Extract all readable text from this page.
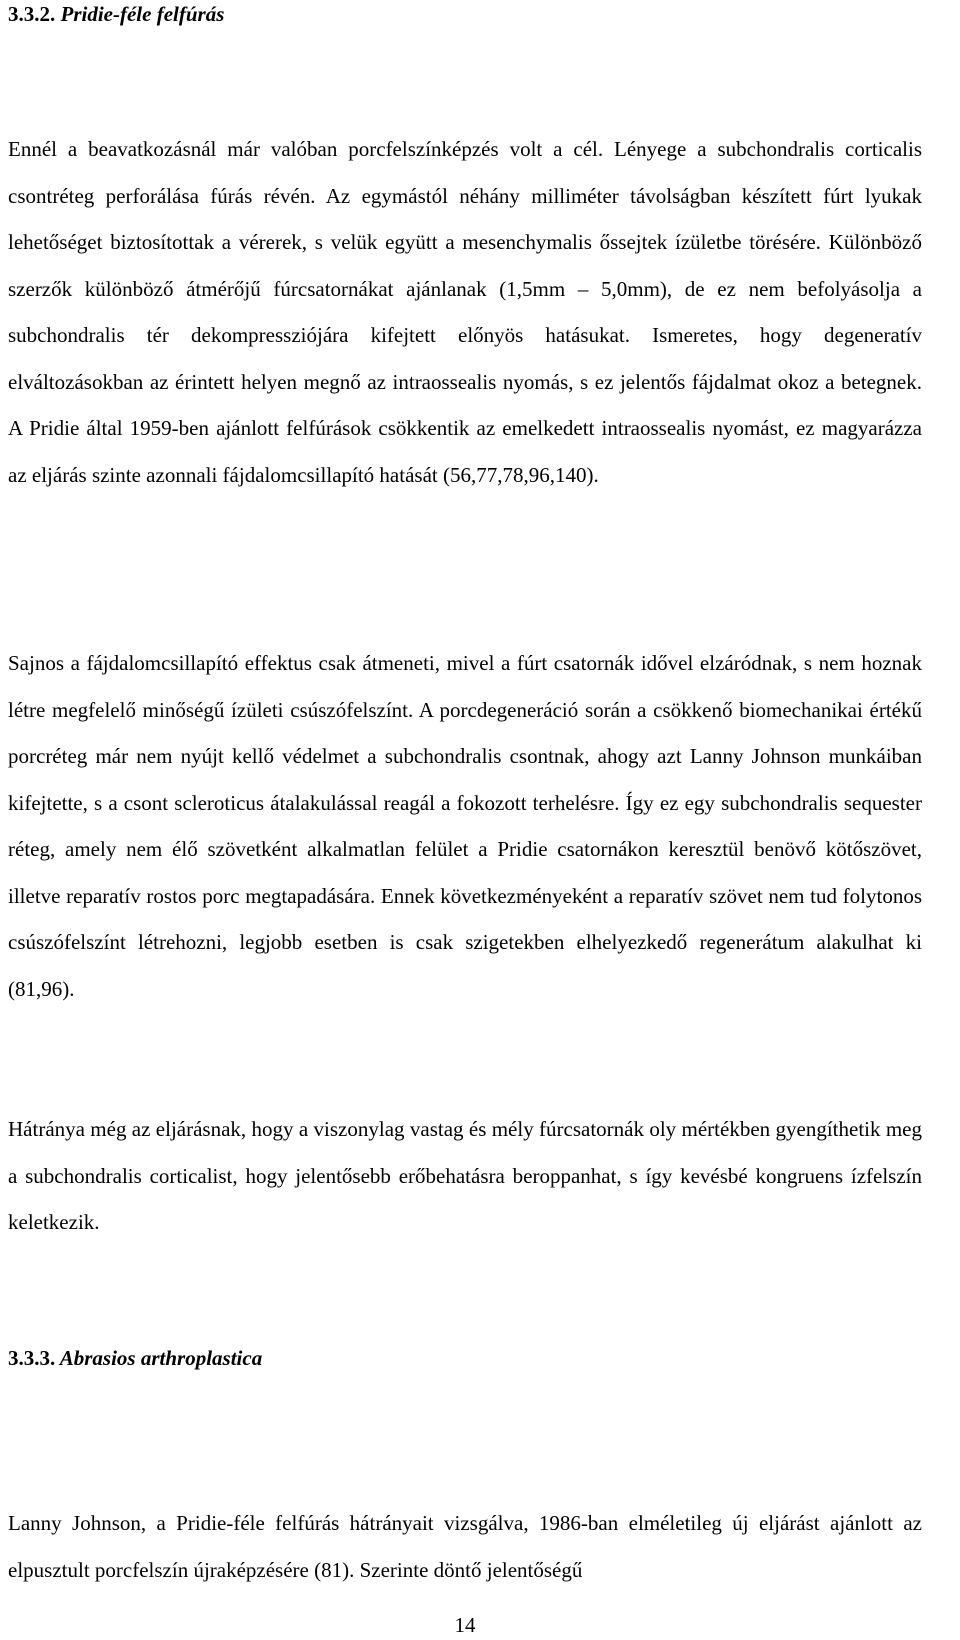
3.3.2. Pridie-féle felfúrás

Ennél a beavatkozásnál már valóban porcfelszínképzés volt a cél. Lényege a subchondralis corticalis csontréteg perforálása fúrás révén. Az egymástól néhány milliméter távolságban készített fúrt lyukak lehetőséget biztosítottak a vérerek, s velük együtt a mesenchymalis őssejtek ízületbe törésére. Különböző szerzők különböző átmérőjű fúrcsatornákat ajánlanak (1,5mm – 5,0mm), de ez nem befolyásolja a subchondralis tér dekompressziójára kifejtett előnyös hatásukat. Ismeretes, hogy degeneratív elváltozásokban az érintett helyen megnő az intraossealis nyomás, s ez jelentős fájdalmat okoz a betegnek. A Pridie által 1959-ben ajánlott felfúrások csökkentik az emelkedett intraossealis nyomást, ez magyarázza az eljárás szinte azonnali fájdalomcsillapító hatását (56,77,78,96,140).

Sajnos a fájdalomcsillapító effektus csak átmeneti, mivel a fúrt csatornák idővel elzáródnak, s nem hoznak létre megfelelő minőségű ízületi csúszófelszínt. A porcdegeneráció során a csökkenő biomechanikai értékű porcréteg már nem nyújt kellő védelmet a subchondralis csontnak, ahogy azt Lanny Johnson munkáiban kifejtette, s a csont scleroticus átalakulással reagál a fokozott terhelésre. Így ez egy subchondralis sequester réteg, amely nem élő szövetként alkalmatlan felület a Pridie csatornákon keresztül benövő kötőszövet, illetve reparatív rostos porc megtapadására. Ennek következményeként a reparatív szövet nem tud folytonos csúszófelszínt létrehozni, legjobb esetben is csak szigetekben elhelyezkedő regenerátum alakulhat ki (81,96).

Hátránya még az eljárásnak, hogy a viszonylag vastag és mély fúrcsatornák oly mértékben gyengíthetik meg a subchondralis corticalist, hogy jelentősebb erőbehatásra beroppanhat, s így kevésbé kongruens ízfelszín keletkezik.

3.3.3. Abrasios arthroplastica

Lanny Johnson, a Pridie-féle felfúrás hátrányait vizsgálva, 1986-ban elméletileg új eljárást ajánlott az elpusztult porcfelszín újraképzésére (81). Szerinte döntő jelentőségű

14
